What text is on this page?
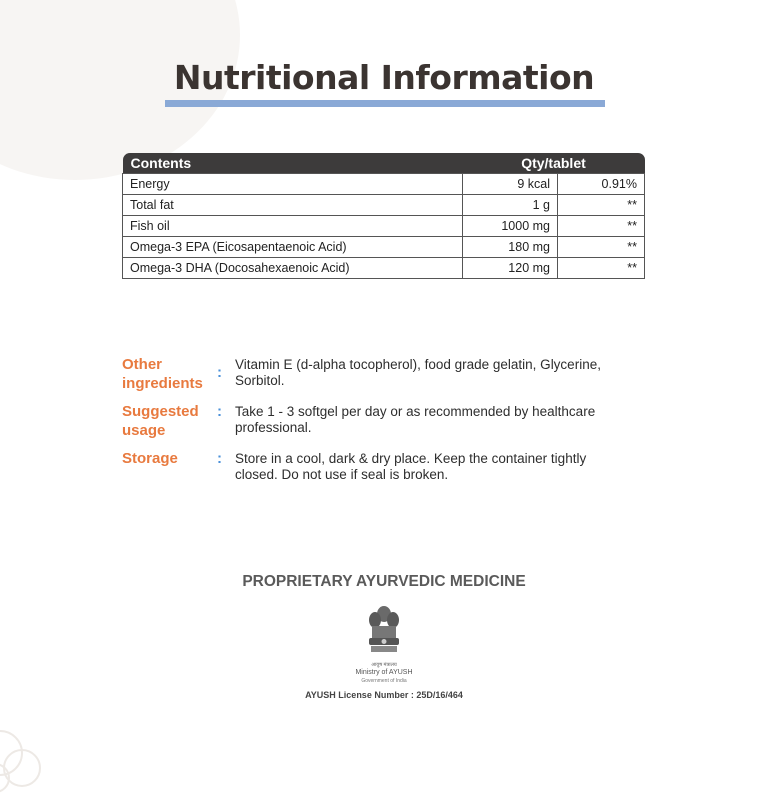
Nutritional Information
Contents	Qty/tablet	
Energy	9 kcal	0.91%
Total fat	1 g	**
Fish oil	1000 mg	**
Omega-3 EPA (Eicosapentaenoic Acid)	180 mg	**
Omega-3 DHA (Docosahexaenoic Acid)	120 mg	**
Other ingredients
: Vitamin E (d-alpha tocopherol), food grade gelatin, Glycerine, Sorbitol.
Suggested usage
: Take 1 - 3 softgel per day or as recommended by healthcare professional.
Storage	: Store in a cool, dark & dry place. Keep the container tightly closed. Do not use if seal is broken.
PROPRIETARY AYURVEDIC MEDICINE
आयुष मंत्रालय
Ministry of AYUSH
Government of India
AYUSH License Number : 25D/16/464
